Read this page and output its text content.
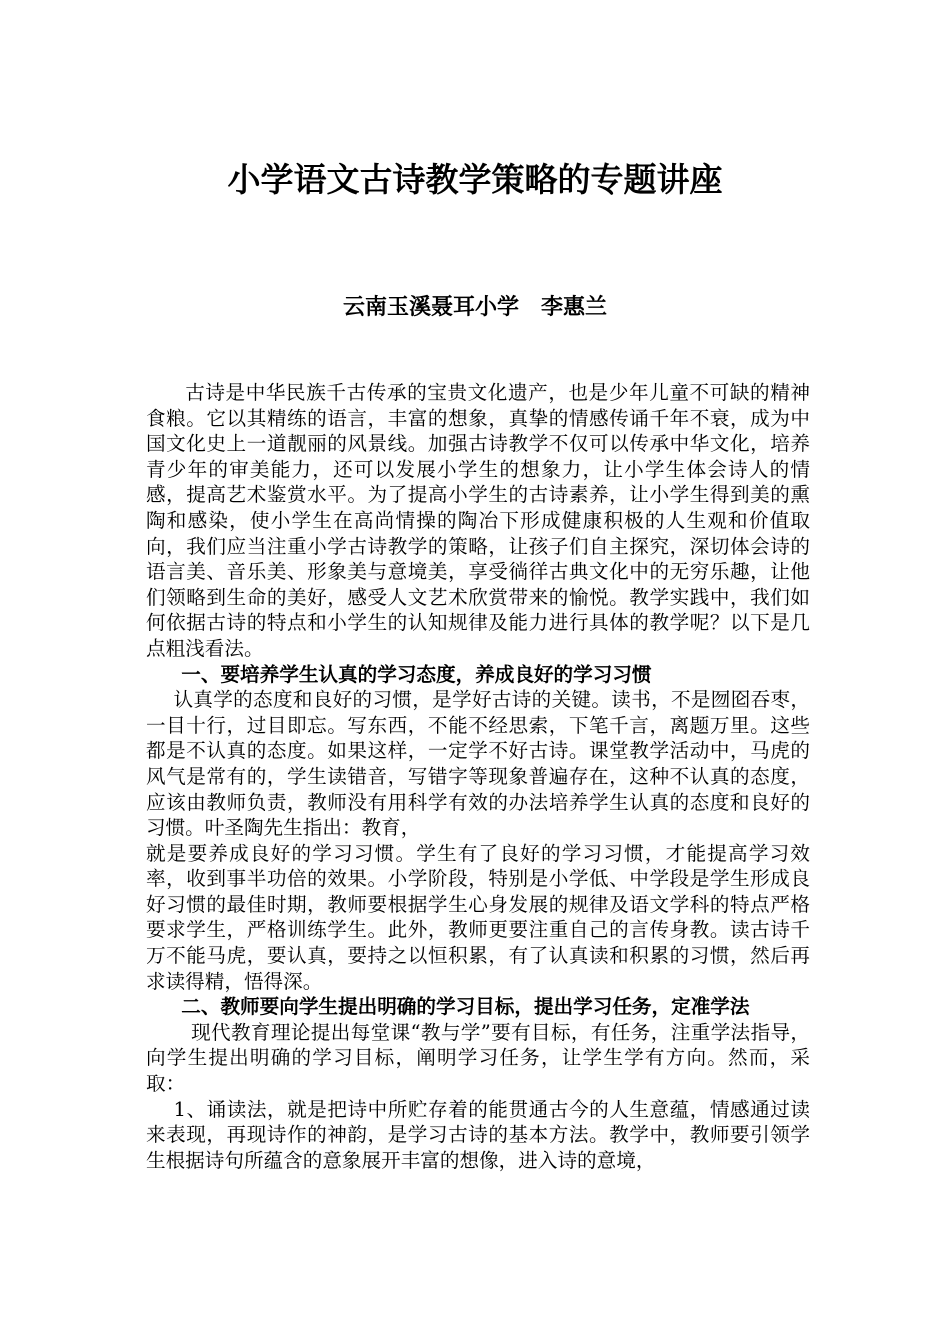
小学语文古诗教学策略的专题讲座
云南玉溪聂耳小学 李惠兰

古诗是中华民族千古传承的宝贵文化遗产，也是少年儿童不可缺的精神食粮。它以其精练的语言，丰富的想象，真挚的情感传诵千年不衰，成为中国文化史上一道靓丽的风景线。加强古诗教学不仅可以传承中华文化，培养青少年的审美能力，还可以发展小学生的想象力，让小学生体会诗人的情感，提高艺术鉴赏水平。为了提高小学生的古诗素养，让小学生得到美的熏陶和感染，使小学生在高尚情操的陶冶下形成健康积极的人生观和价值取向，我们应当注重小学古诗教学的策略，让孩子们自主探究，深切体会诗的语言美、音乐美、形象美与意境美，享受徜徉古典文化中的无穷乐趣，让他们领略到生命的美好，感受人文艺术欣赏带来的愉悦。教学实践中，我们如何依据古诗的特点和小学生的认知规律及能力进行具体的教学呢？以下是几点粗浅看法。

一、要培养学生认真的学习态度，养成良好的学习习惯

认真学的态度和良好的习惯，是学好古诗的关键。读书，不是囫囵吞枣，一目十行，过目即忘。写东西，不能不经思索，下笔千言，离题万里。这些都是不认真的态度。如果这样，一定学不好古诗。课堂教学活动中，马虎的风气是常有的，学生读错音，写错字等现象普遍存在，这种不认真的态度，应该由教师负责，教师没有用科学有效的办法培养学生认真的态度和良好的习惯。叶圣陶先生指出：教育，

就是要养成良好的学习习惯。学生有了良好的学习习惯，才能提高学习效率，收到事半功倍的效果。小学阶段，特别是小学低、中学段是学生形成良好习惯的最佳时期，教师要根据学生心身发展的规律及语文学科的特点严格要求学生，严格训练学生。此外，教师更要注重自己的言传身教。读古诗千万不能马虎，要认真，要持之以恒积累，有了认真读和积累的习惯，然后再求读得精，悟得深。

二、教师要向学生提出明确的学习目标，提出学习任务，定准学法

现代教育理论提出每堂课“教与学”要有目标，有任务，注重学法指导，向学生提出明确的学习目标，阐明学习任务，让学生学有方向。然而，采取：

1、诵读法，就是把诗中所贮存着的能贯通古今的人生意蕴，情感通过读来表现，再现诗作的神韵，是学习古诗的基本方法。教学中，教师要引领学生根据诗句所蕴含的意象展开丰富的想像，进入诗的意境，
